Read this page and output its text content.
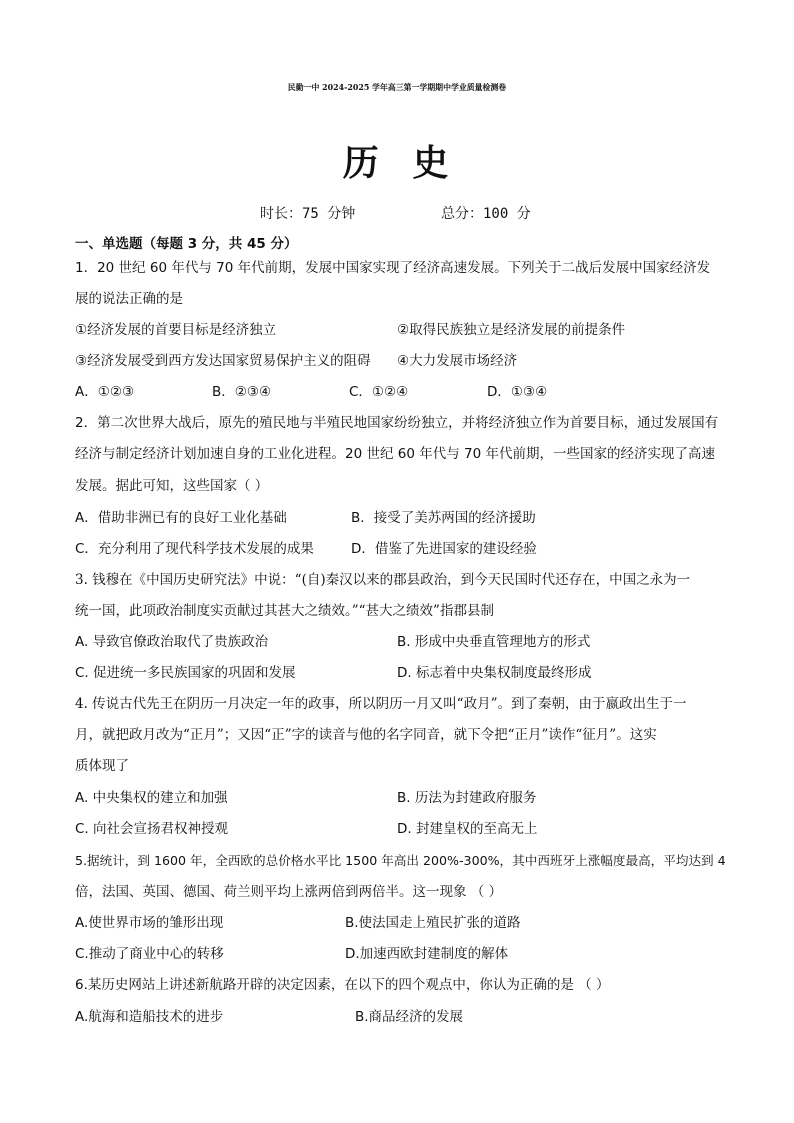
民勤一中 2024-2025 学年高三第一学期期中学业质量检测卷
历  史
时长：75 分钟	总分：100 分
一、单选题（每题 3 分，共 45 分）
1．20 世纪 60 年代与 70 年代前期，发展中国家实现了经济高速发展。下列关于二战后发展中国家经济发
展的说法正确的是
①经济发展的首要目标是经济独立	②取得民族独立是经济发展的前提条件
③经济发展受到西方发达国家贸易保护主义的阻碍 ④大力发展市场经济
A．①②③	B．②③④	C．①②④	D．①③④
2．第二次世界大战后，原先的殖民地与半殖民地国家纷纷独立，并将经济独立作为首要目标，通过发展国有
经济与制定经济计划加速自身的工业化进程。20 世纪 60 年代与 70 年代前期，一些国家的经济实现了高速
发展。据此可知，这些国家（ ）
A．借助非洲已有的良好工业化基础	B．接受了美苏两国的经济援助
C．充分利用了现代科学技术发展的成果	D．借鉴了先进国家的建设经验
3. 钱穆在《中国历史研究法》中说：“(自)秦汉以来的郡县政治，到今天民国时代还存在，中国之永为一
统一国，此项政治制度实贡献过其甚大之绩效。”“甚大之绩效”指郡县制
A. 导致官僚政治取代了贵族政治	B. 形成中央垂直管理地方的形式
C. 促进统一多民族国家的巩固和发展	D. 标志着中央集权制度最终形成
4. 传说古代先王在阴历一月决定一年的政事，所以阴历一月又叫“政月”。到了秦朝，由于嬴政出生于一
月，就把政月改为“正月”；又因“正”字的读音与他的名字同音，就下令把“正月”读作“征月”。这实
质体现了
A. 中央集权的建立和加强	B. 历法为封建政府服务
C. 向社会宣扬君权神授观	D. 封建皇权的至高无上
5.据统计，到 1600 年，全西欧的总价格水平比 1500 年高出 200%-300%，其中西班牙上涨幅度最高，平均达到 4
倍，法国、英国、德国、荷兰则平均上涨两倍到两倍半。这一现象 （ ）
A.使世界市场的雏形出现	B.使法国走上殖民扩张的道路
C.推动了商业中心的转移	D.加速西欧封建制度的解体
6.某历史网站上讲述新航路开辟的决定因素，在以下的四个观点中，你认为正确的是 （ ）
A.航海和造船技术的进步	B.商品经济的发展
